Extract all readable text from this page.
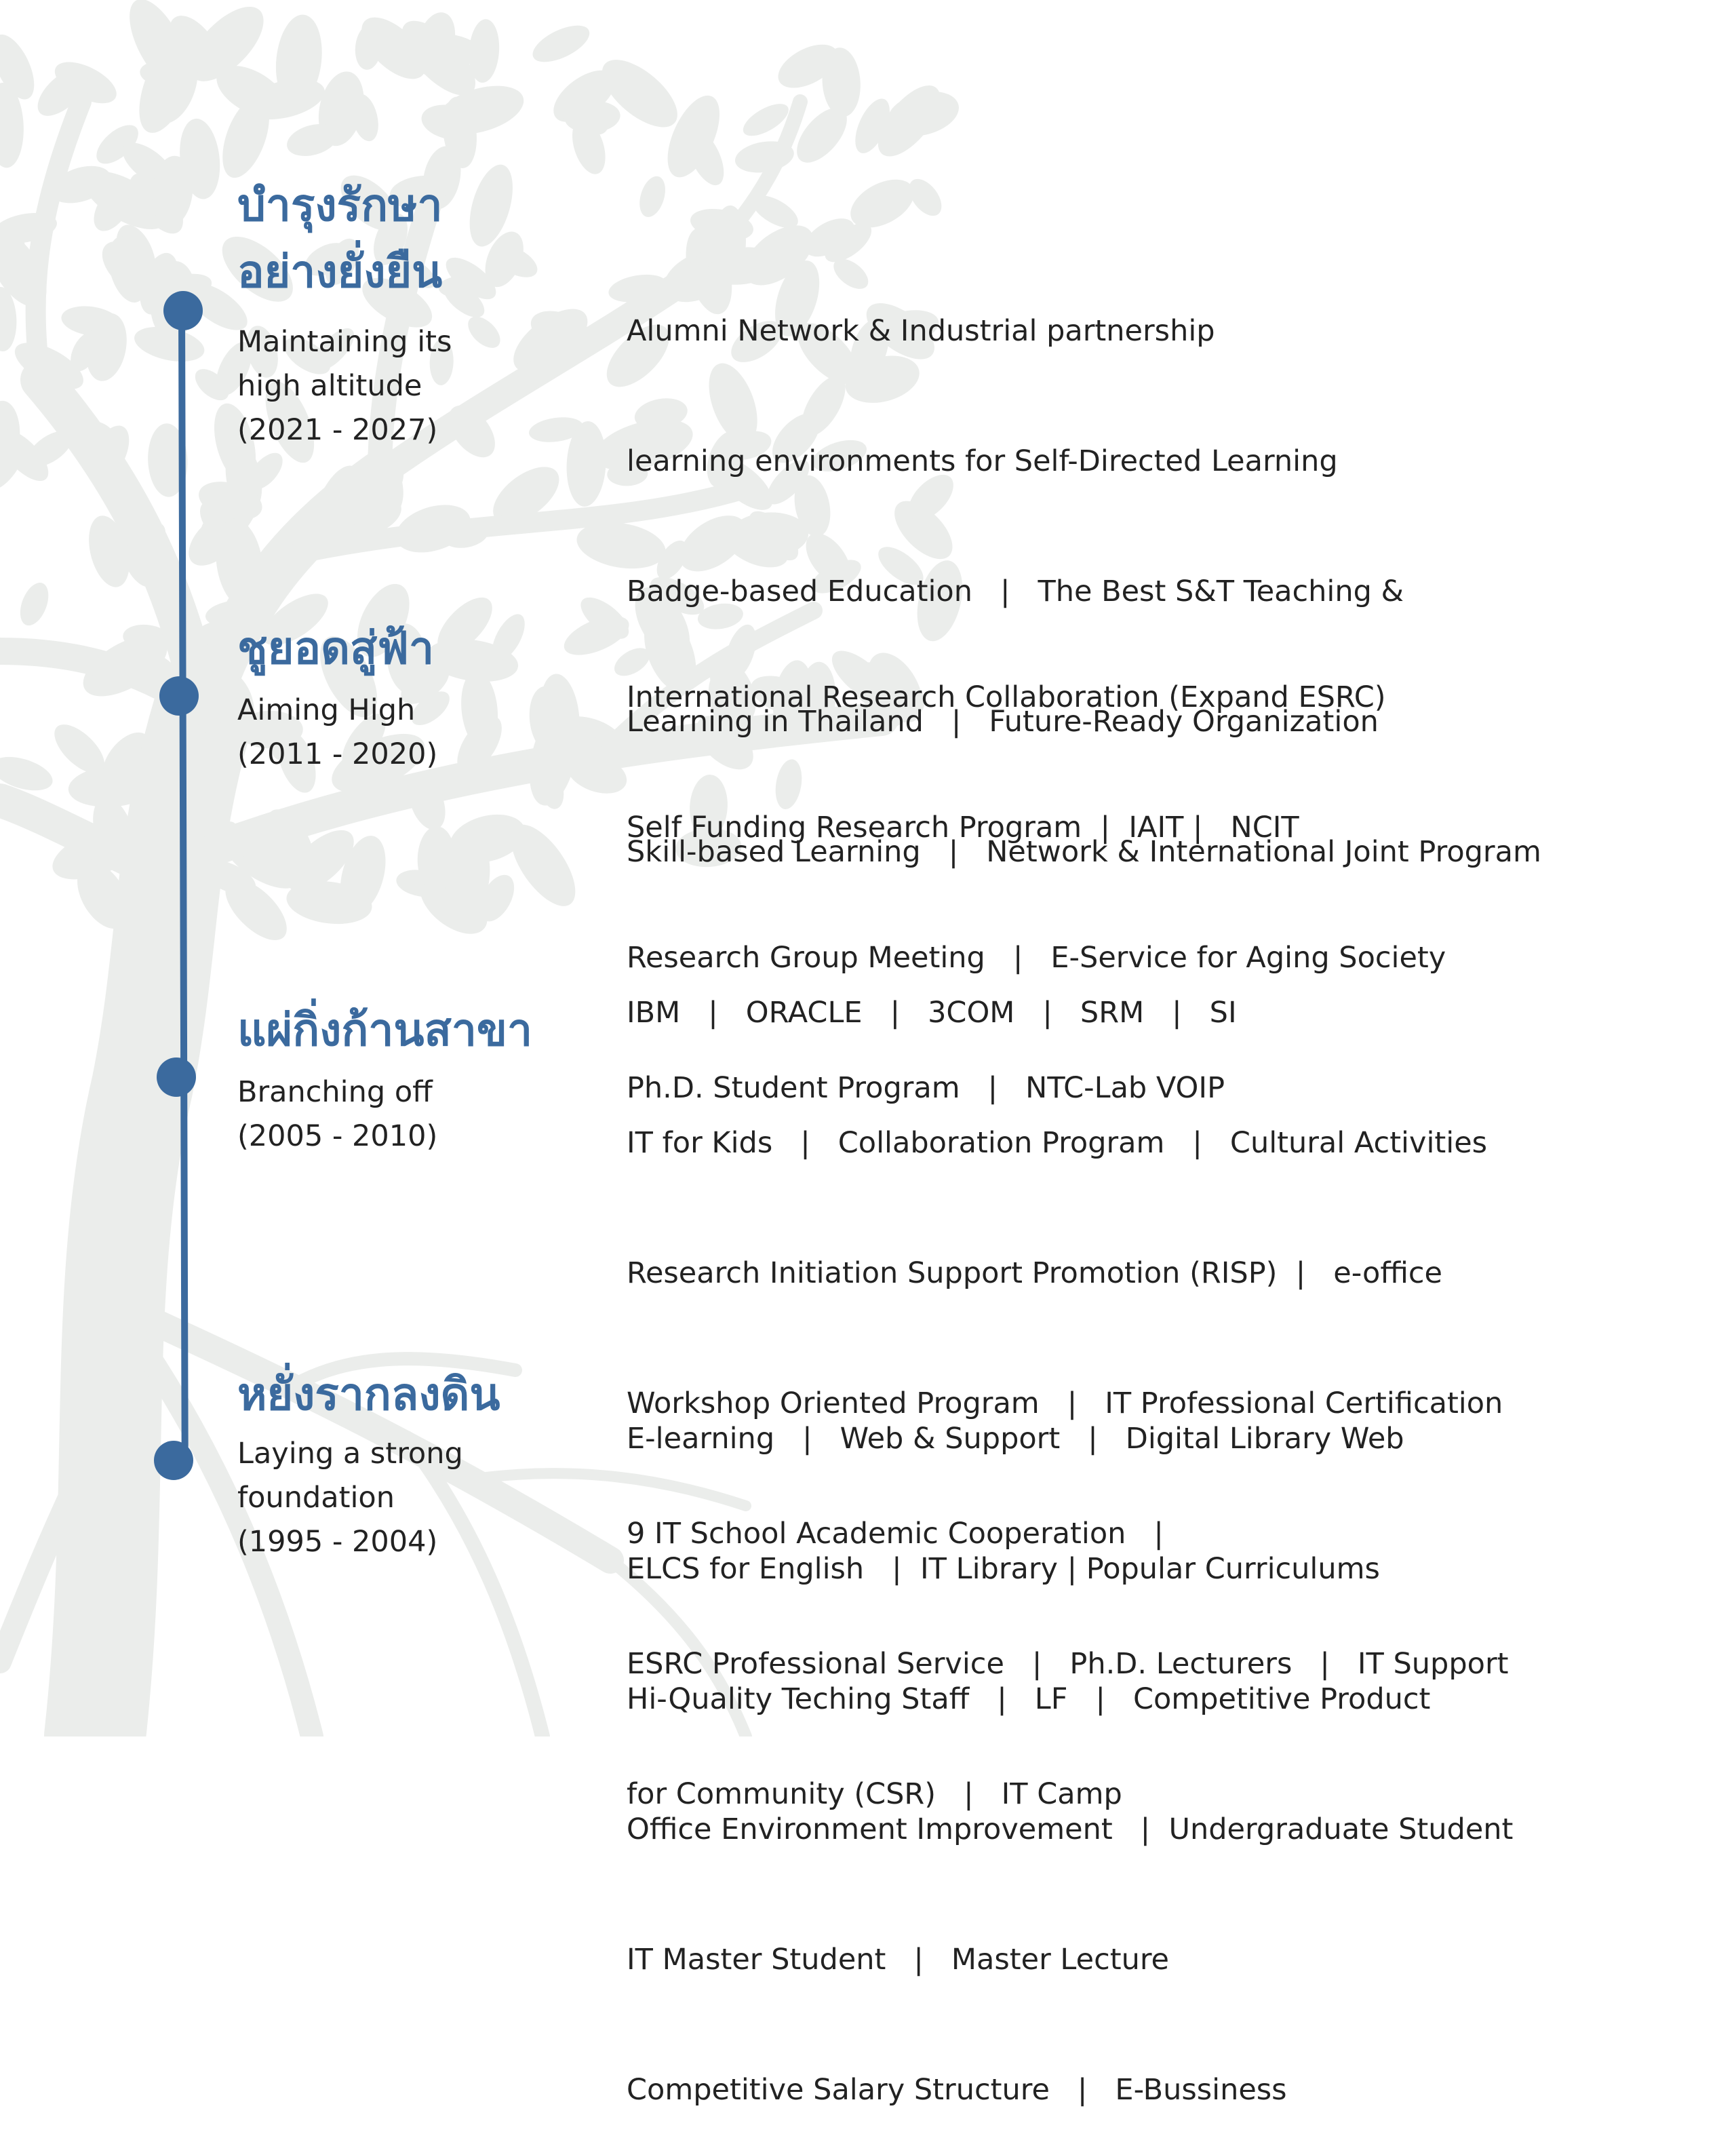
บำรุงรักษา
อย่างยั่งยืน
Maintaining its
high altitude
(2021 - 2027)

Alumni Network & Industrial partnership

learning environments for Self-Directed Learning

Badge-based Education   |   The Best S&T Teaching &

Learning in Thailand   |   Future-Ready Organization

Skill-based Learning   |   Network & International Joint Program

ชูยอดสู่ฟ้า
Aiming High
(2011 - 2020)

International Research Collaboration (Expand ESRC)

Self Funding Research Program  |  IAIT |   NCIT

Research Group Meeting   |   E-Service for Aging Society

Ph.D. Student Program   |   NTC-Lab VOIP

แผ่กิ่งก้านสาขา
Branching off
(2005 - 2010)

IBM   |   ORACLE   |   3COM   |   SRM   |   SI

IT for Kids   |   Collaboration Program   |   Cultural Activities

Research Initiation Support Promotion (RISP)  |   e-office

Workshop Oriented Program   |   IT Professional Certification

9 IT School Academic Cooperation   |

ESRC Professional Service   |   Ph.D. Lecturers   |   IT Support

for Community (CSR)   |   IT Camp

หยั่งรากลงดิน
Laying a strong
foundation
(1995 - 2004)

E-learning   |   Web & Support   |   Digital Library Web

ELCS for English   |  IT Library | Popular Curriculums

Hi-Quality Teching Staff   |   LF   |   Competitive Product

Office Environment Improvement   |  Undergraduate Student

IT Master Student   |   Master Lecture

Competitive Salary Structure   |   E-Bussiness
